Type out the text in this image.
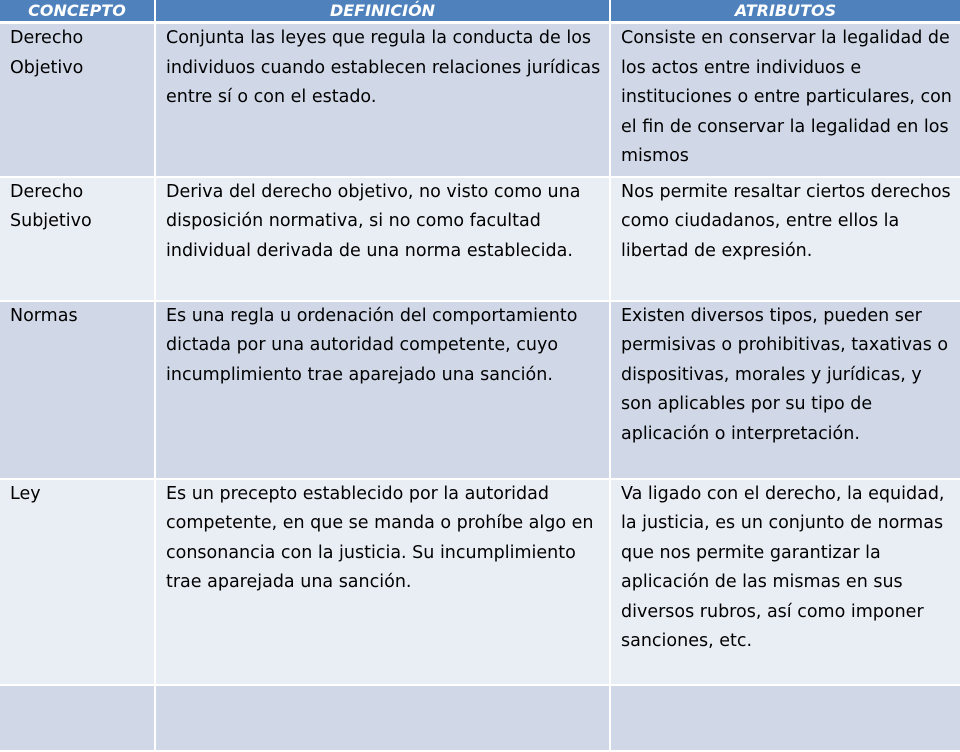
CONCEPTO	DEFINICIÓN	ATRIBUTOS
Derecho Objetivo	Conjunta las leyes que regula la conducta de los individuos cuando establecen relaciones jurídicas entre sí o con el estado.	Consiste en conservar la legalidad de los actos entre individuos e instituciones o entre particulares, con el fin de conservar la legalidad en los mismos
Derecho Subjetivo	Deriva del derecho objetivo, no visto como una disposición normativa, si no como facultad individual derivada de una norma establecida.	Nos permite resaltar ciertos derechos como ciudadanos, entre ellos la libertad de expresión.
Normas	Es una regla u ordenación del comportamiento dictada por una autoridad competente, cuyo incumplimiento trae aparejado una sanción.	Existen diversos tipos, pueden ser permisivas o prohibitivas, taxativas o dispositivas, morales y jurídicas, y son aplicables por su tipo de aplicación o interpretación.
Ley	Es un precepto establecido por la autoridad competente, en que se manda o prohíbe algo en consonancia con la justicia. Su incumplimiento trae aparejada una sanción.	Va ligado con el derecho, la equidad, la justicia, es un conjunto de normas que nos permite garantizar la aplicación de las mismas en sus diversos rubros, así como imponer sanciones, etc.
